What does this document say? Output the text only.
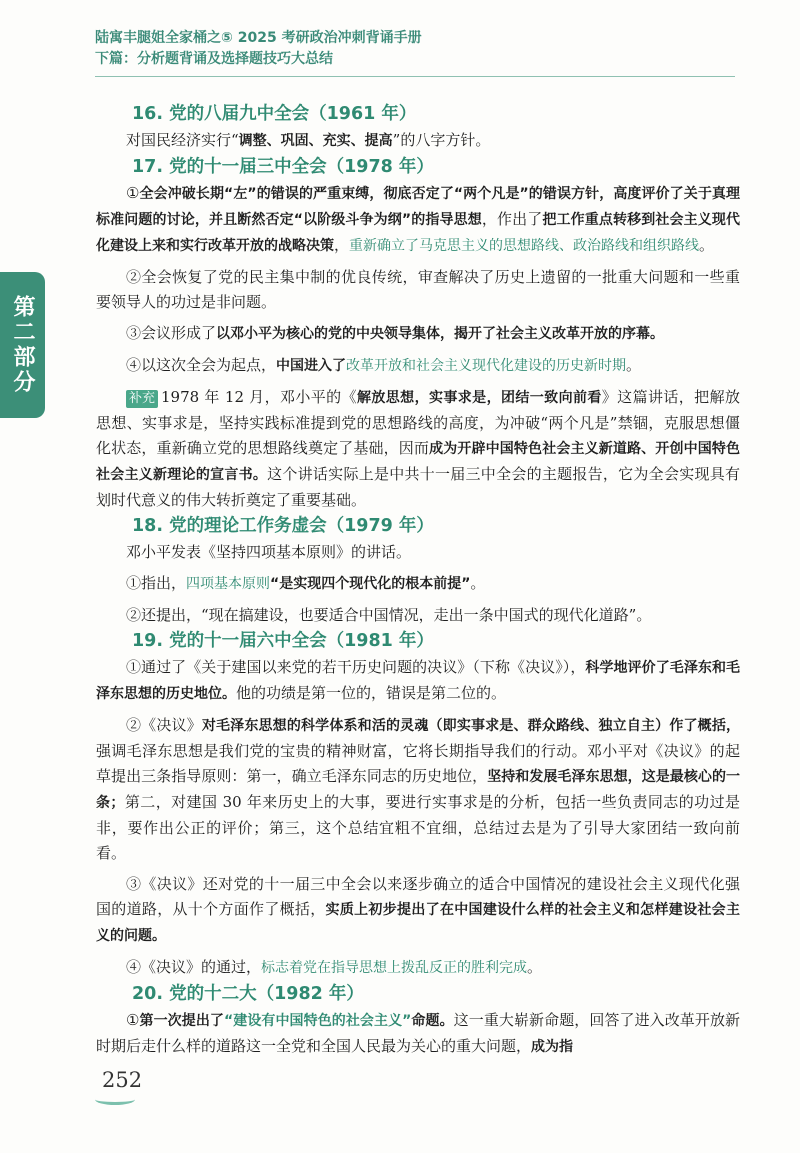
陆寓丰腿姐全家桶之⑤ 2025 考研政治冲刺背诵手册
下篇：分析题背诵及选择题技巧大总结
第二部分
16. 党的八届九中全会（1961 年）

对国民经济实行“调整、巩固、充实、提高”的八字方针。

17. 党的十一届三中全会（1978 年）

①全会冲破长期“左”的错误的严重束缚，彻底否定了“两个凡是”的错误方针，高度评价了关于真理标准问题的讨论，并且断然否定“以阶级斗争为纲”的指导思想，作出了把工作重点转移到社会主义现代化建设上来和实行改革开放的战略决策，重新确立了马克思主义的思想路线、政治路线和组织路线。

②全会恢复了党的民主集中制的优良传统，审查解决了历史上遗留的一批重大问题和一些重要领导人的功过是非问题。

③会议形成了以邓小平为核心的党的中央领导集体，揭开了社会主义改革开放的序幕。

④以这次全会为起点，中国进入了改革开放和社会主义现代化建设的历史新时期。

补充 1978 年 12 月，邓小平的《解放思想，实事求是，团结一致向前看》这篇讲话，把解放思想、实事求是，坚持实践标准提到党的思想路线的高度，为冲破“两个凡是”禁锢，克服思想僵化状态，重新确立党的思想路线奠定了基础，因而成为开辟中国特色社会主义新道路、开创中国特色社会主义新理论的宣言书。这个讲话实际上是中共十一届三中全会的主题报告，它为全会实现具有划时代意义的伟大转折奠定了重要基础。

18. 党的理论工作务虚会（1979 年）

邓小平发表《坚持四项基本原则》的讲话。

①指出，四项基本原则“是实现四个现代化的根本前提”。

②还提出，“现在搞建设，也要适合中国情况，走出一条中国式的现代化道路”。

19. 党的十一届六中全会（1981 年）

①通过了《关于建国以来党的若干历史问题的决议》（下称《决议》），科学地评价了毛泽东和毛泽东思想的历史地位。他的功绩是第一位的，错误是第二位的。

②《决议》对毛泽东思想的科学体系和活的灵魂（即实事求是、群众路线、独立自主）作了概括，强调毛泽东思想是我们党的宝贵的精神财富，它将长期指导我们的行动。邓小平对《决议》的起草提出三条指导原则：第一，确立毛泽东同志的历史地位，坚持和发展毛泽东思想，这是最核心的一条；第二，对建国 30 年来历史上的大事，要进行实事求是的分析，包括一些负责同志的功过是非，要作出公正的评价；第三，这个总结宜粗不宜细，总结过去是为了引导大家团结一致向前看。

③《决议》还对党的十一届三中全会以来逐步确立的适合中国情况的建设社会主义现代化强国的道路，从十个方面作了概括，实质上初步提出了在中国建设什么样的社会主义和怎样建设社会主义的问题。

④《决议》的通过，标志着党在指导思想上拨乱反正的胜利完成。

20. 党的十二大（1982 年）

①第一次提出了“建设有中国特色的社会主义”命题。这一重大崭新命题，回答了进入改革开放新时期后走什么样的道路这一全党和全国人民最为关心的重大问题，成为指

252
